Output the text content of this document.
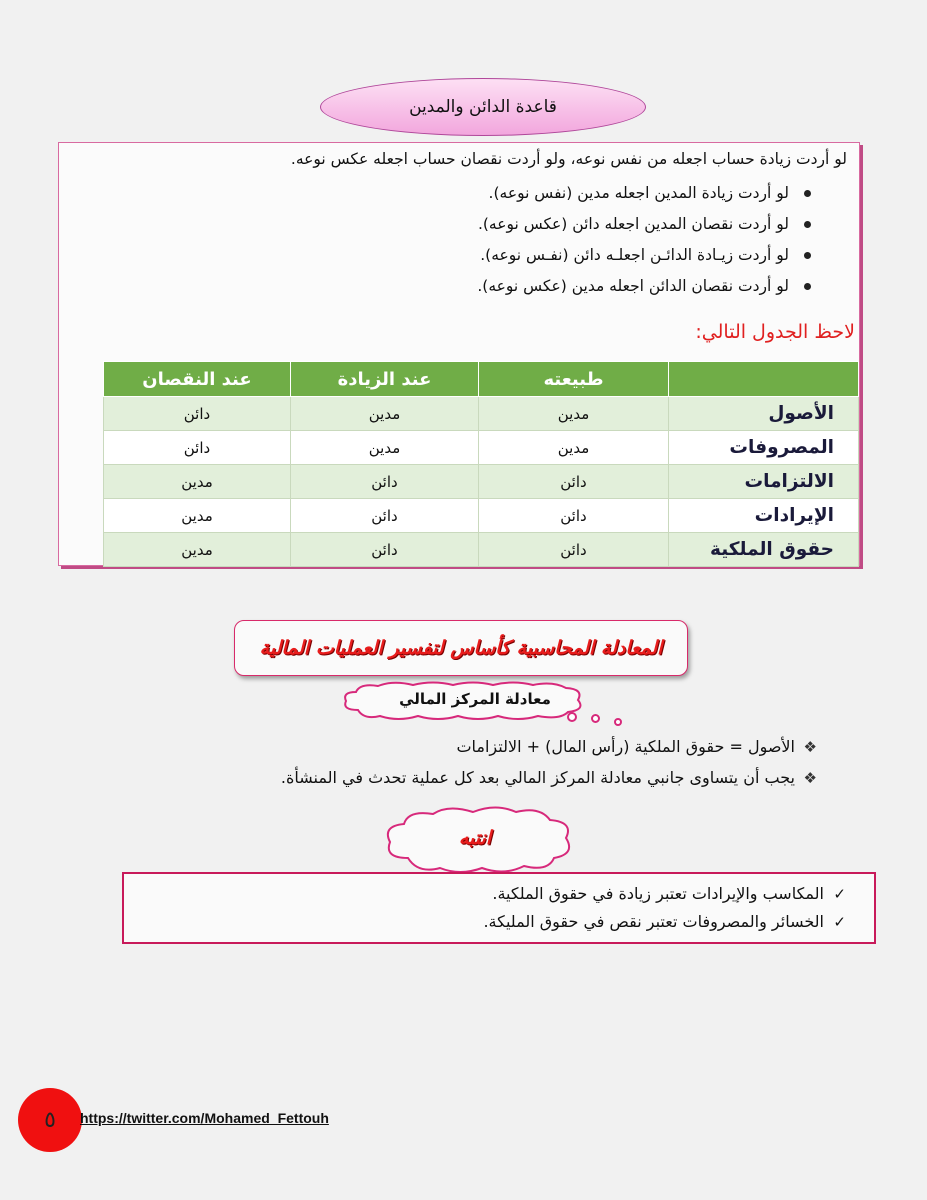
قاعدة الدائن والمدين
لو أردت زيادة حساب اجعله من نفس نوعه، ولو أردت نقصان حساب اجعله عكس نوعه.
لو أردت زيادة المدين اجعله مدين (نفس نوعه).
لو أردت نقصان المدين اجعله دائن (عكس نوعه).
لو أردت زيـادة الدائـن اجعلـه دائن (نفـس نوعه).
لو أردت نقصان الدائن اجعله مدين (عكس نوعه).
لاحظ الجدول التالي:
	طبيعته	عند الزيادة	عند النقصان
الأصول	مدين	مدين	دائن
المصروفات	مدين	مدين	دائن
الالتزامات	دائن	دائن	مدين
الإيرادات	دائن	دائن	مدين
حقوق الملكية	دائن	دائن	مدين
المعادلة المحاسبية كأساس لتفسير العمليات المالية
معادلة المركز المالي
❖
الأصول = حقوق الملكية (رأس المال) + الالتزامات
❖
يجب أن يتساوى جانبي معادلة المركز المالي بعد كل عملية تحدث في المنشأة.
انتبه
✓
المكاسب والإيرادات تعتبر زيادة في حقوق الملكية.
✓
الخسائر والمصروفات تعتبر نقص في حقوق المليكة.
٥	https://twitter.com/Mohamed_Fettouh
